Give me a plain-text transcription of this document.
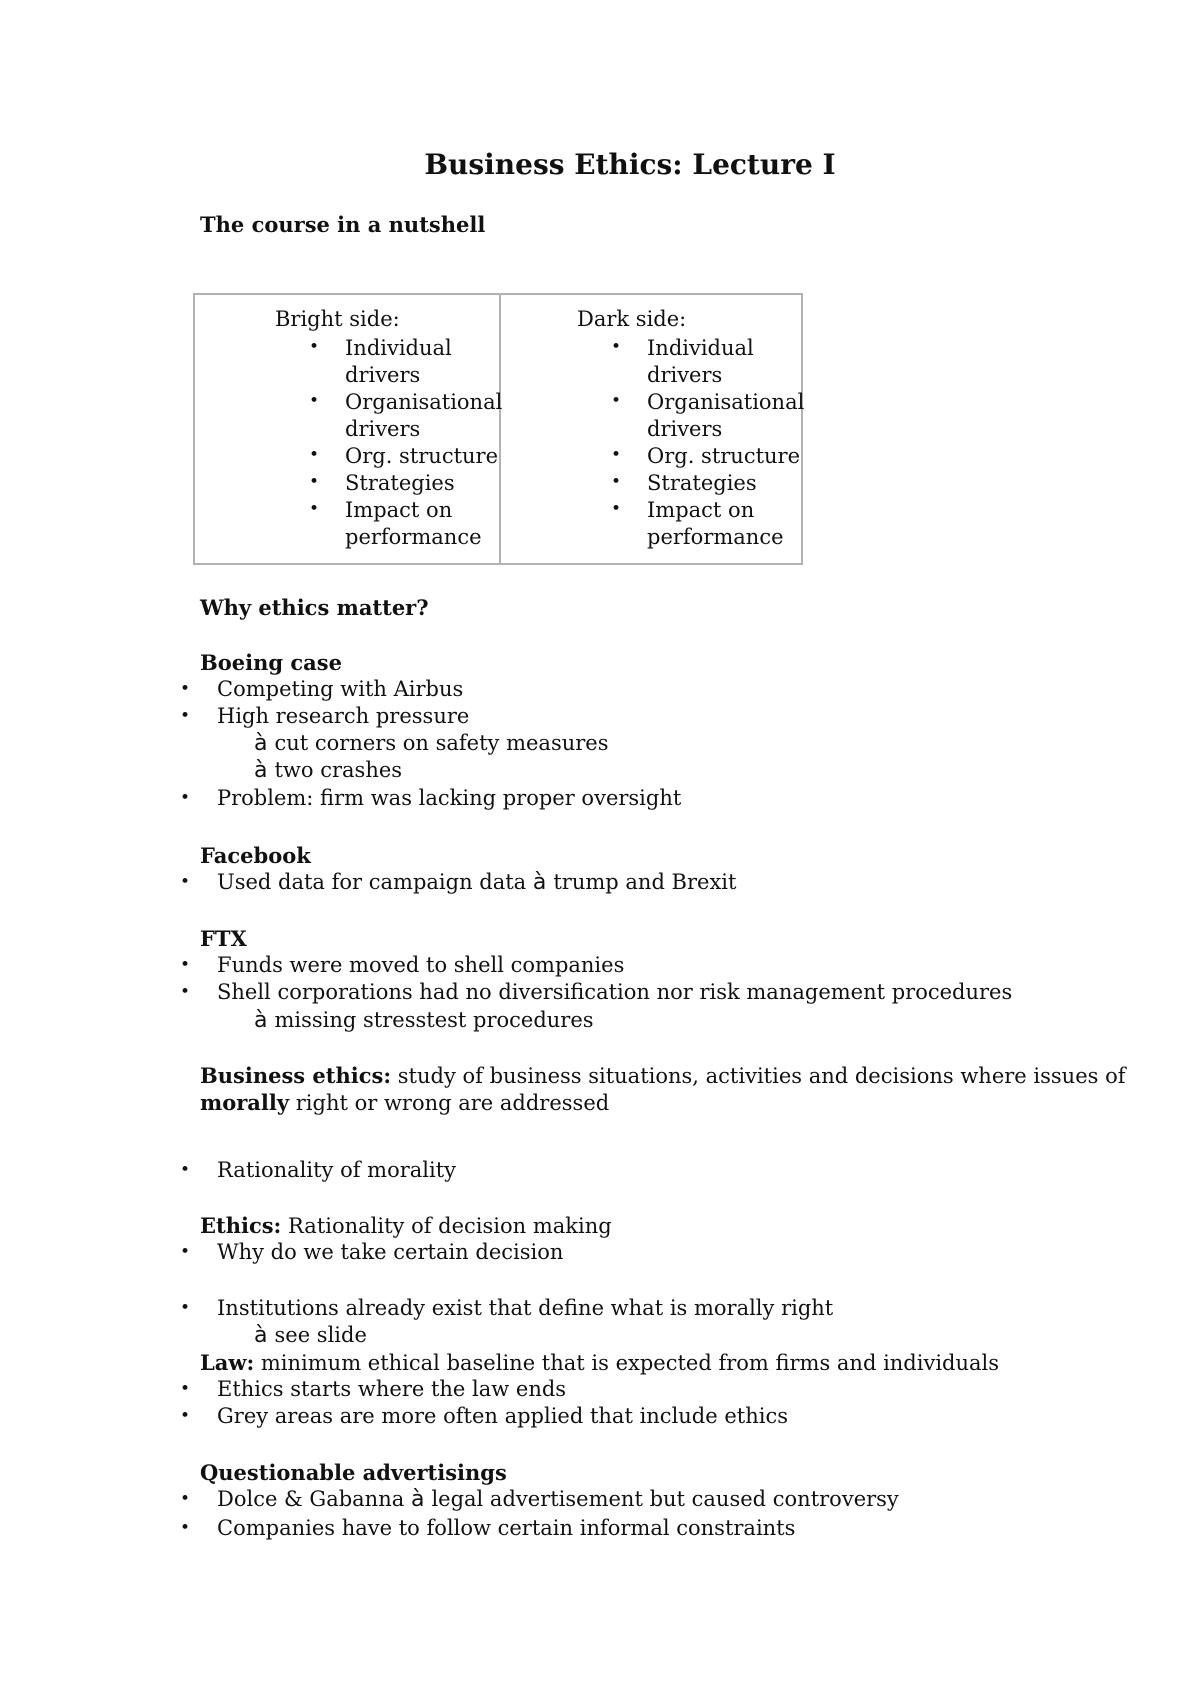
Business Ethics: Lecture I
The course in a nutshell
Bright side:
• Individual
drivers
• Organisational
drivers
• Org. structure
• Strategies
• Impact on
performance
Dark side:
• Individual
drivers
• Organisational
drivers
• Org. structure
• Strategies
• Impact on
performance
Why ethics matter?
Boeing case
• Competing with Airbus
• High research pressure
à cut corners on safety measures
à two crashes
• Problem: firm was lacking proper oversight
Facebook
• Used data for campaign data à trump and Brexit
FTX
• Funds were moved to shell companies
• Shell corporations had no diversification nor risk management procedures
à missing stresstest procedures
Business ethics: study of business situations, activities and decisions where issues of
morally right or wrong are addressed
• Rationality of morality
Ethics: Rationality of decision making
• Why do we take certain decision
• Institutions already exist that define what is morally right
à see slide
Law: minimum ethical baseline that is expected from firms and individuals
• Ethics starts where the law ends
• Grey areas are more often applied that include ethics
Questionable advertisings
• Dolce & Gabanna à legal advertisement but caused controversy
• Companies have to follow certain informal constraints
